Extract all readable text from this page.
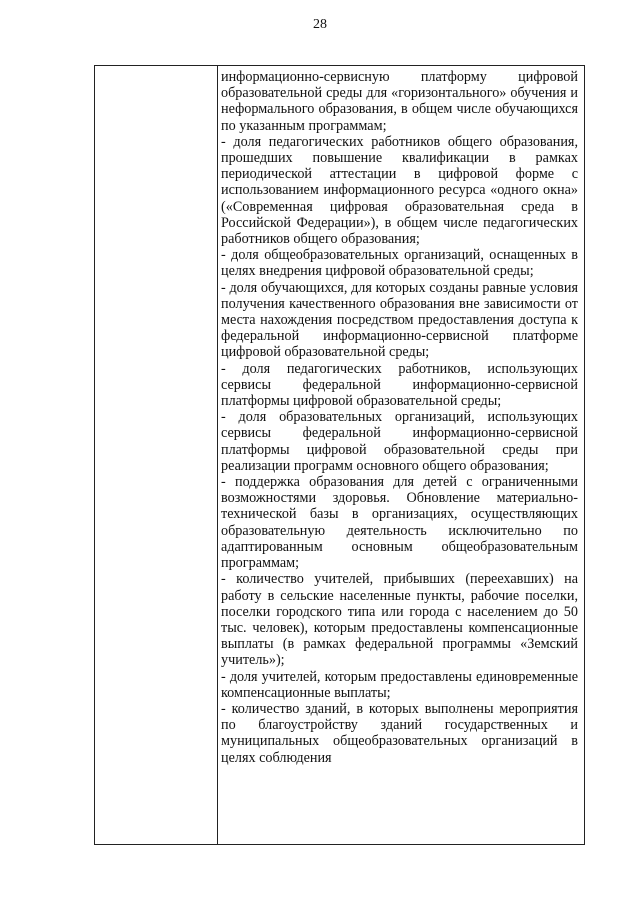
28

информационно-сервисную платформу цифровой образовательной среды для «горизонтального» обучения и неформального образования, в общем числе обучающихся по указанным программам;

- доля педагогических работников общего образования, прошедших повышение квалификации в рамках периодической аттестации в цифровой форме с использованием информационного ресурса «одного окна» («Современная цифровая образовательная среда в Российской Федерации»), в общем числе педагогических работников общего образования;

- доля общеобразовательных организаций, оснащенных в целях внедрения цифровой образовательной среды;

- доля обучающихся, для которых созданы равные условия получения качественного образования вне зависимости от места нахождения посредством предоставления доступа к федеральной информационно-сервисной платформе цифровой образовательной среды;

- доля педагогических работников, использующих сервисы федеральной информационно-сервисной платформы цифровой образовательной среды;

- доля образовательных организаций, использующих сервисы федеральной информационно-сервисной платформы цифровой образовательной среды при реализации программ основного общего образования;

- поддержка образования для детей с ограниченными возможностями здоровья. Обновление материально-технической базы в организациях, осуществляющих образовательную деятельность исключительно по адаптированным основным общеобразовательным программам;

- количество учителей, прибывших (переехавших) на работу в сельские населенные пункты, рабочие поселки, поселки городского типа или города с населением до 50 тыс. человек), которым предоставлены компенсационные выплаты (в рамках федеральной программы «Земский учитель»);

- доля учителей, которым предоставлены единовременные компенсационные выплаты;

- количество зданий, в которых выполнены мероприятия по благоустройству зданий государственных и муниципальных общеобразовательных организаций в целях соблюдения
